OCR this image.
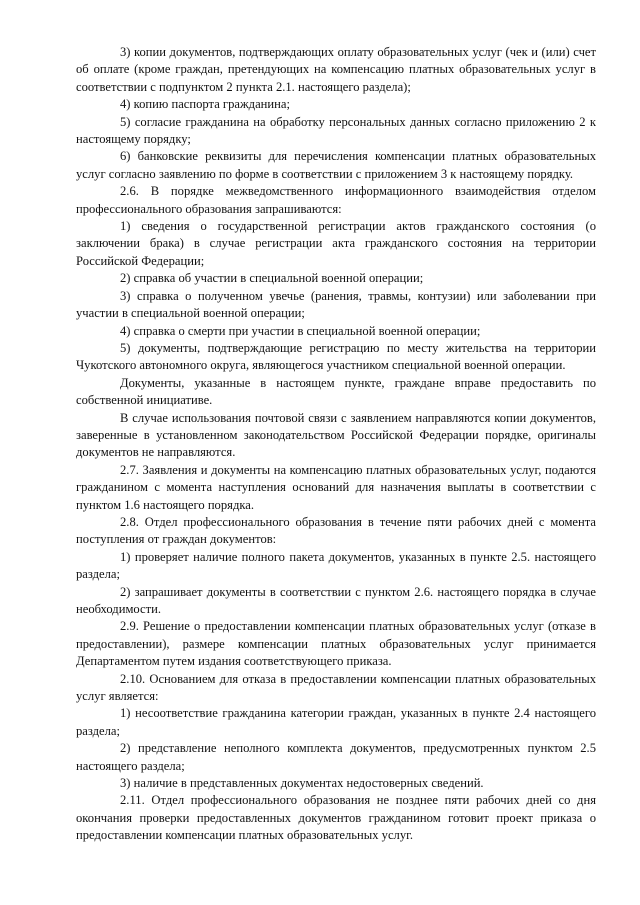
3) копии документов, подтверждающих оплату образовательных услуг (чек и (или) счет об оплате (кроме граждан, претендующих на компенсацию платных образовательных услуг в соответствии с подпунктом 2 пункта 2.1. настоящего раздела);

4) копию паспорта гражданина;

5) согласие гражданина на обработку персональных данных согласно приложению 2 к настоящему порядку;

6) банковские реквизиты для перечисления компенсации платных образовательных услуг согласно заявлению по форме в соответствии с приложением 3 к настоящему порядку.

2.6. В порядке межведомственного информационного взаимодействия отделом профессионального образования запрашиваются:

1) сведения о государственной регистрации актов гражданского состояния (о заключении брака) в случае регистрации акта гражданского состояния на территории Российской Федерации;

2) справка об участии в специальной военной операции;

3) справка о полученном увечье (ранения, травмы, контузии) или заболевании при участии в специальной военной операции;

4) справка о смерти при участии в специальной военной операции;

5) документы, подтверждающие регистрацию по месту жительства на территории Чукотского автономного округа, являющегося участником специальной военной операции.

Документы, указанные в настоящем пункте, граждане вправе предоставить по собственной инициативе.

В случае использования почтовой связи с заявлением направляются копии документов, заверенные в установленном законодательством Российской Федерации порядке, оригиналы документов не направляются.

2.7. Заявления и документы на компенсацию платных образовательных услуг, подаются гражданином с момента наступления оснований для назначения выплаты в соответствии с пунктом 1.6 настоящего порядка.

2.8. Отдел профессионального образования в течение пяти рабочих дней с момента поступления от граждан документов:

1) проверяет наличие полного пакета документов, указанных в пункте 2.5. настоящего раздела;

2) запрашивает документы в соответствии с пунктом 2.6. настоящего порядка в случае необходимости.

2.9. Решение о предоставлении компенсации платных образовательных услуг (отказе в предоставлении), размере компенсации платных образовательных услуг принимается Департаментом путем издания соответствующего приказа.

2.10. Основанием для отказа в предоставлении компенсации платных образовательных услуг является:

1) несоответствие гражданина категории граждан, указанных в пункте 2.4 настоящего раздела;

2) представление неполного комплекта документов, предусмотренных пунктом 2.5 настоящего раздела;

3) наличие в представленных документах недостоверных сведений.

2.11. Отдел профессионального образования не позднее пяти рабочих дней со дня окончания проверки предоставленных документов гражданином готовит проект приказа о предоставлении компенсации платных образовательных услуг.
